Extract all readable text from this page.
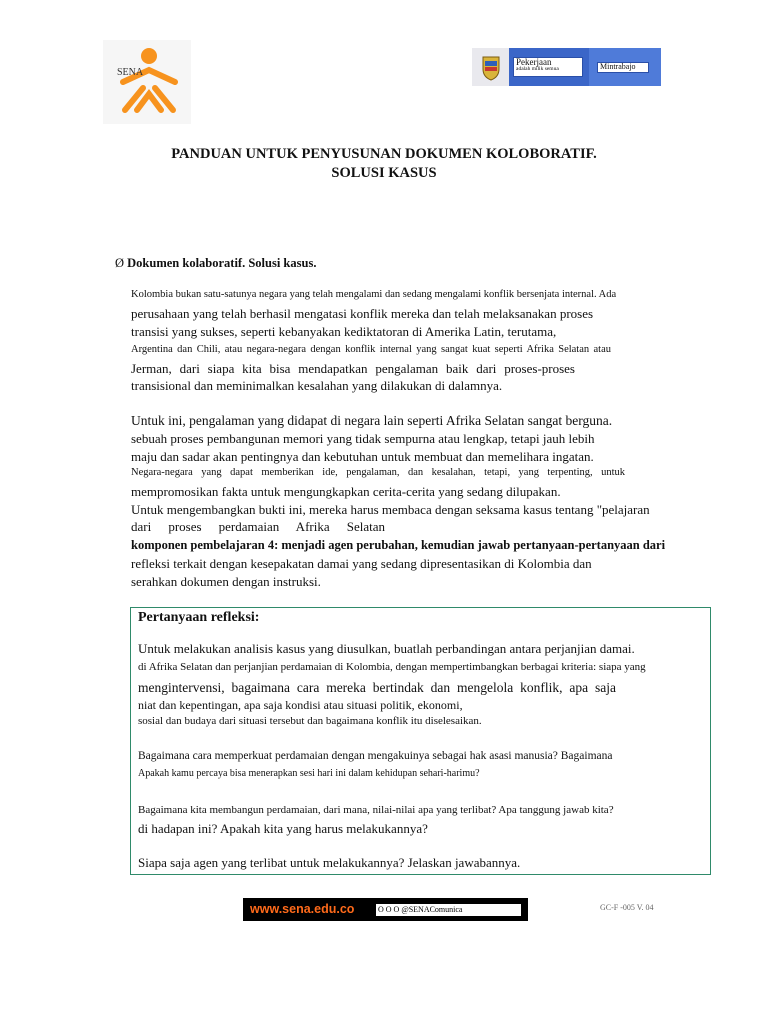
SENA
Pekerjaan
adalah milik semua	Mintrabajo
PANDUAN UNTUK PENYUSUNAN DOKUMEN KOLOBORATIF.
SOLUSI KASUS
Ø Dokumen kolaboratif. Solusi kasus.
Kolombia bukan satu-satunya negara yang telah mengalami dan sedang mengalami konflik bersenjata internal. Ada
perusahaan yang telah berhasil mengatasi konflik mereka dan telah melaksanakan proses
transisi yang sukses, seperti kebanyakan kediktatoran di Amerika Latin, terutama,
Argentina dan Chili, atau negara-negara dengan konflik internal yang sangat kuat seperti Afrika Selatan atau
Jerman, dari siapa kita bisa mendapatkan pengalaman baik dari proses-proses
transisional dan meminimalkan kesalahan yang dilakukan di dalamnya.
Untuk ini, pengalaman yang didapat di negara lain seperti Afrika Selatan sangat berguna.
sebuah proses pembangunan memori yang tidak sempurna atau lengkap, tetapi jauh lebih
maju dan sadar akan pentingnya dan kebutuhan untuk membuat dan memelihara ingatan.
Negara-negara yang dapat memberikan ide, pengalaman, dan kesalahan, tetapi, yang terpenting, untuk
mempromosikan fakta untuk mengungkapkan cerita-cerita yang sedang dilupakan.
Untuk mengembangkan bukti ini, mereka harus membaca dengan seksama kasus tentang "pelajaran
dari proses perdamaian Afrika Selatan
komponen pembelajaran 4: menjadi agen perubahan, kemudian jawab pertanyaan-pertanyaan dari
refleksi terkait dengan kesepakatan damai yang sedang dipresentasikan di Kolombia dan
serahkan dokumen dengan instruksi.
Pertanyaan refleksi:
Untuk melakukan analisis kasus yang diusulkan, buatlah perbandingan antara perjanjian damai.
di Afrika Selatan dan perjanjian perdamaian di Kolombia, dengan mempertimbangkan berbagai kriteria: siapa yang
mengintervensi, bagaimana cara mereka bertindak dan mengelola konflik, apa saja
niat dan kepentingan, apa saja kondisi atau situasi politik, ekonomi,
sosial dan budaya dari situasi tersebut dan bagaimana konflik itu diselesaikan.
Bagaimana cara memperkuat perdamaian dengan mengakuinya sebagai hak asasi manusia? Bagaimana
Apakah kamu percaya bisa menerapkan sesi hari ini dalam kehidupan sehari-harimu?
Bagaimana kita membangun perdamaian, dari mana, nilai-nilai apa yang terlibat? Apa tanggung jawab kita?
di hadapan ini? Apakah kita yang harus melakukannya?
Siapa saja agen yang terlibat untuk melakukannya? Jelaskan jawabannya.
www.sena.edu.co	O O O @SENAComunica	GC-F -005 V. 04
